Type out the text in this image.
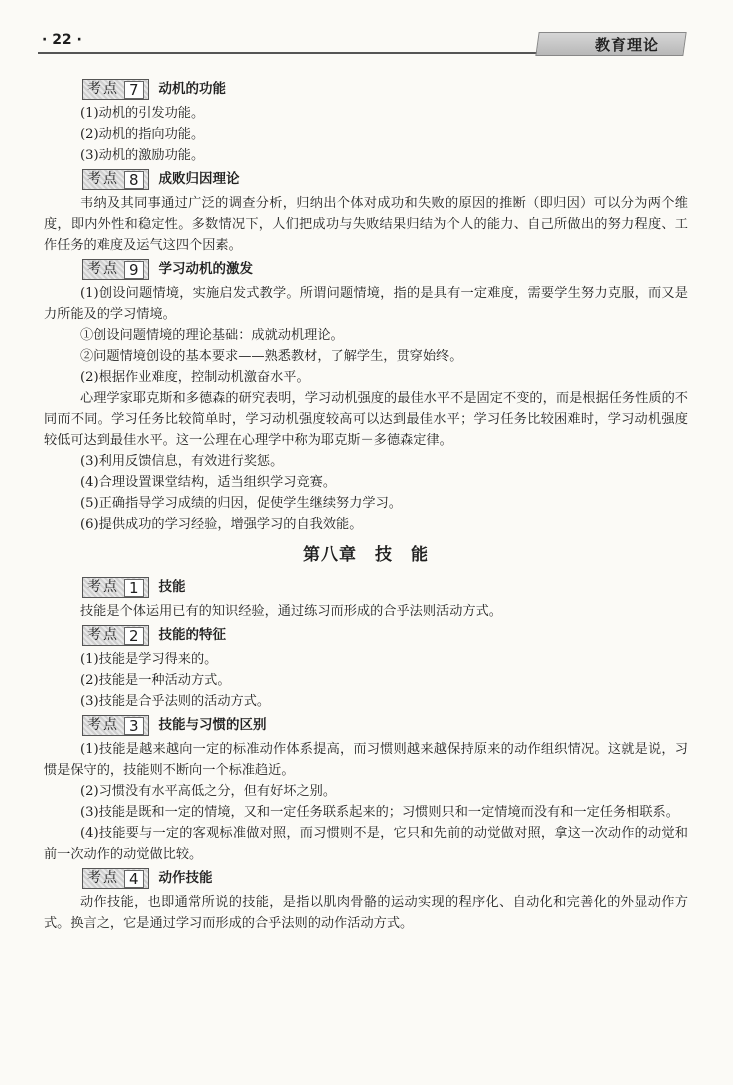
· 22 ·	教育理论
考点 7	动机的功能

(1)动机的引发功能。

(2)动机的指向功能。

(3)动机的激励功能。

考点 8	成败归因理论

韦纳及其同事通过广泛的调查分析，归纳出个体对成功和失败的原因的推断（即归因）可以分为两个维度，即内外性和稳定性。多数情况下，人们把成功与失败结果归结为个人的能力、自己所做出的努力程度、工作任务的难度及运气这四个因素。

考点 9	学习动机的激发

(1)创设问题情境，实施启发式教学。所谓问题情境，指的是具有一定难度，需要学生努力克服，而又是力所能及的学习情境。

①创设问题情境的理论基础：成就动机理论。

②问题情境创设的基本要求——熟悉教材，了解学生，贯穿始终。

(2)根据作业难度，控制动机激奋水平。

心理学家耶克斯和多德森的研究表明，学习动机强度的最佳水平不是固定不变的，而是根据任务性质的不同而不同。学习任务比较简单时，学习动机强度较高可以达到最佳水平；学习任务比较困难时，学习动机强度较低可达到最佳水平。这一公理在心理学中称为耶克斯－多德森定律。

(3)利用反馈信息，有效进行奖惩。

(4)合理设置课堂结构，适当组织学习竞赛。

(5)正确指导学习成绩的归因，促使学生继续努力学习。

(6)提供成功的学习经验，增强学习的自我效能。

第八章　技　能
考点 1	技能

技能是个体运用已有的知识经验，通过练习而形成的合乎法则活动方式。

考点 2	技能的特征

(1)技能是学习得来的。

(2)技能是一种活动方式。

(3)技能是合乎法则的活动方式。

考点 3	技能与习惯的区别

(1)技能是越来越向一定的标准动作体系提高，而习惯则越来越保持原来的动作组织情况。这就是说，习惯是保守的，技能则不断向一个标准趋近。

(2)习惯没有水平高低之分，但有好坏之别。

(3)技能是既和一定的情境，又和一定任务联系起来的；习惯则只和一定情境而没有和一定任务相联系。

(4)技能要与一定的客观标准做对照，而习惯则不是，它只和先前的动觉做对照，拿这一次动作的动觉和前一次动作的动觉做比较。

考点 4	动作技能

动作技能，也即通常所说的技能，是指以肌肉骨骼的运动实现的程序化、自动化和完善化的外显动作方式。换言之，它是通过学习而形成的合乎法则的动作活动方式。
